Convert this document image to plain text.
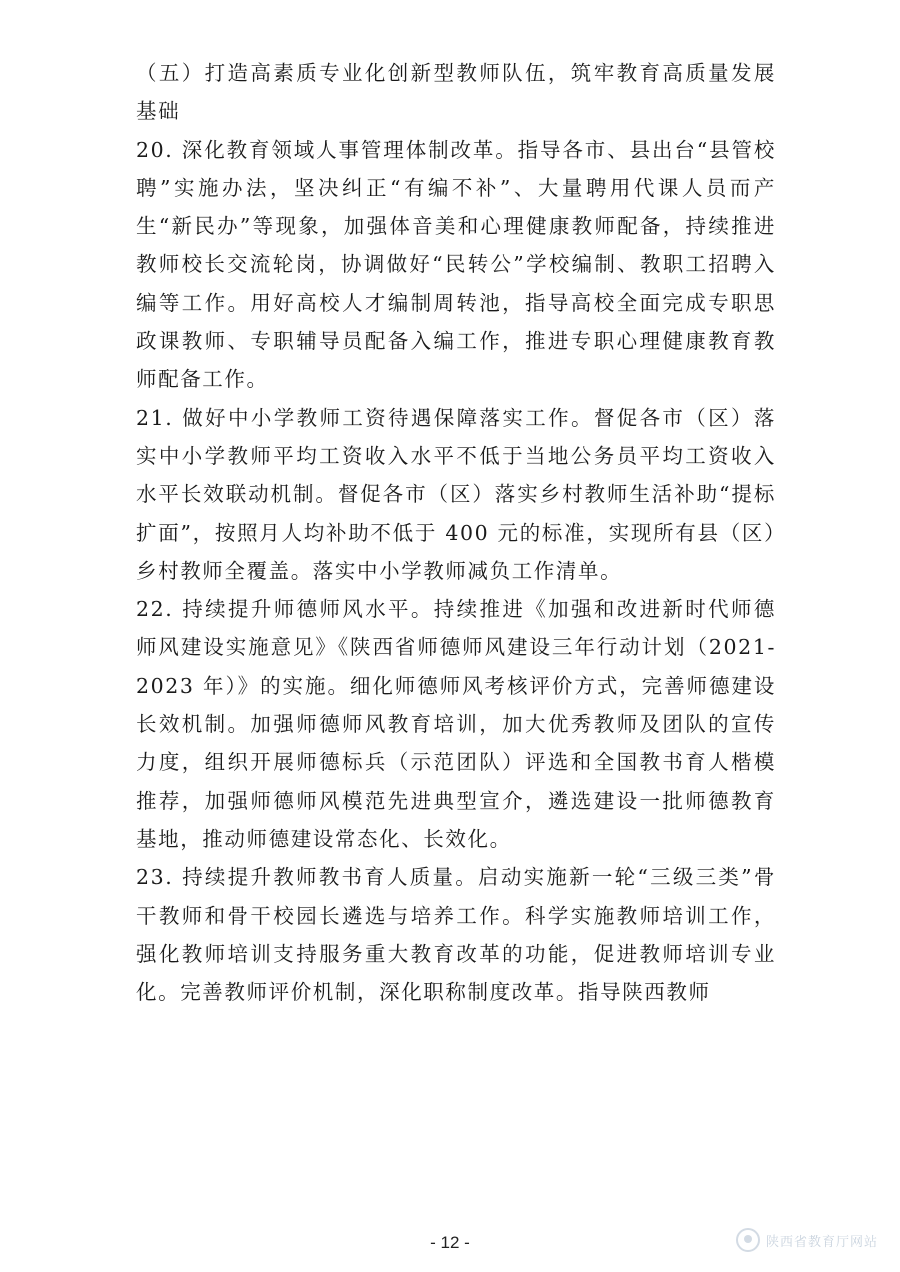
（五）打造高素质专业化创新型教师队伍，筑牢教育高质量发展基础

20. 深化教育领域人事管理体制改革。指导各市、县出台“县管校聘”实施办法，坚决纠正“有编不补”、大量聘用代课人员而产生“新民办”等现象，加强体音美和心理健康教师配备，持续推进教师校长交流轮岗，协调做好“民转公”学校编制、教职工招聘入编等工作。用好高校人才编制周转池，指导高校全面完成专职思政课教师、专职辅导员配备入编工作，推进专职心理健康教育教师配备工作。

21. 做好中小学教师工资待遇保障落实工作。督促各市（区）落实中小学教师平均工资收入水平不低于当地公务员平均工资收入水平长效联动机制。督促各市（区）落实乡村教师生活补助“提标扩面”，按照月人均补助不低于 400 元的标准，实现所有县（区）乡村教师全覆盖。落实中小学教师减负工作清单。

22. 持续提升师德师风水平。持续推进《加强和改进新时代师德师风建设实施意见》《陕西省师德师风建设三年行动计划（2021-2023 年）》的实施。细化师德师风考核评价方式，完善师德建设长效机制。加强师德师风教育培训，加大优秀教师及团队的宣传力度，组织开展师德标兵（示范团队）评选和全国教书育人楷模推荐，加强师德师风模范先进典型宣介，遴选建设一批师德教育基地，推动师德建设常态化、长效化。

23. 持续提升教师教书育人质量。启动实施新一轮“三级三类”骨干教师和骨干校园长遴选与培养工作。科学实施教师培训工作，强化教师培训支持服务重大教育改革的功能，促进教师培训专业化。完善教师评价机制，深化职称制度改革。指导陕西教师

- 12 -	陕西省教育厅网站
